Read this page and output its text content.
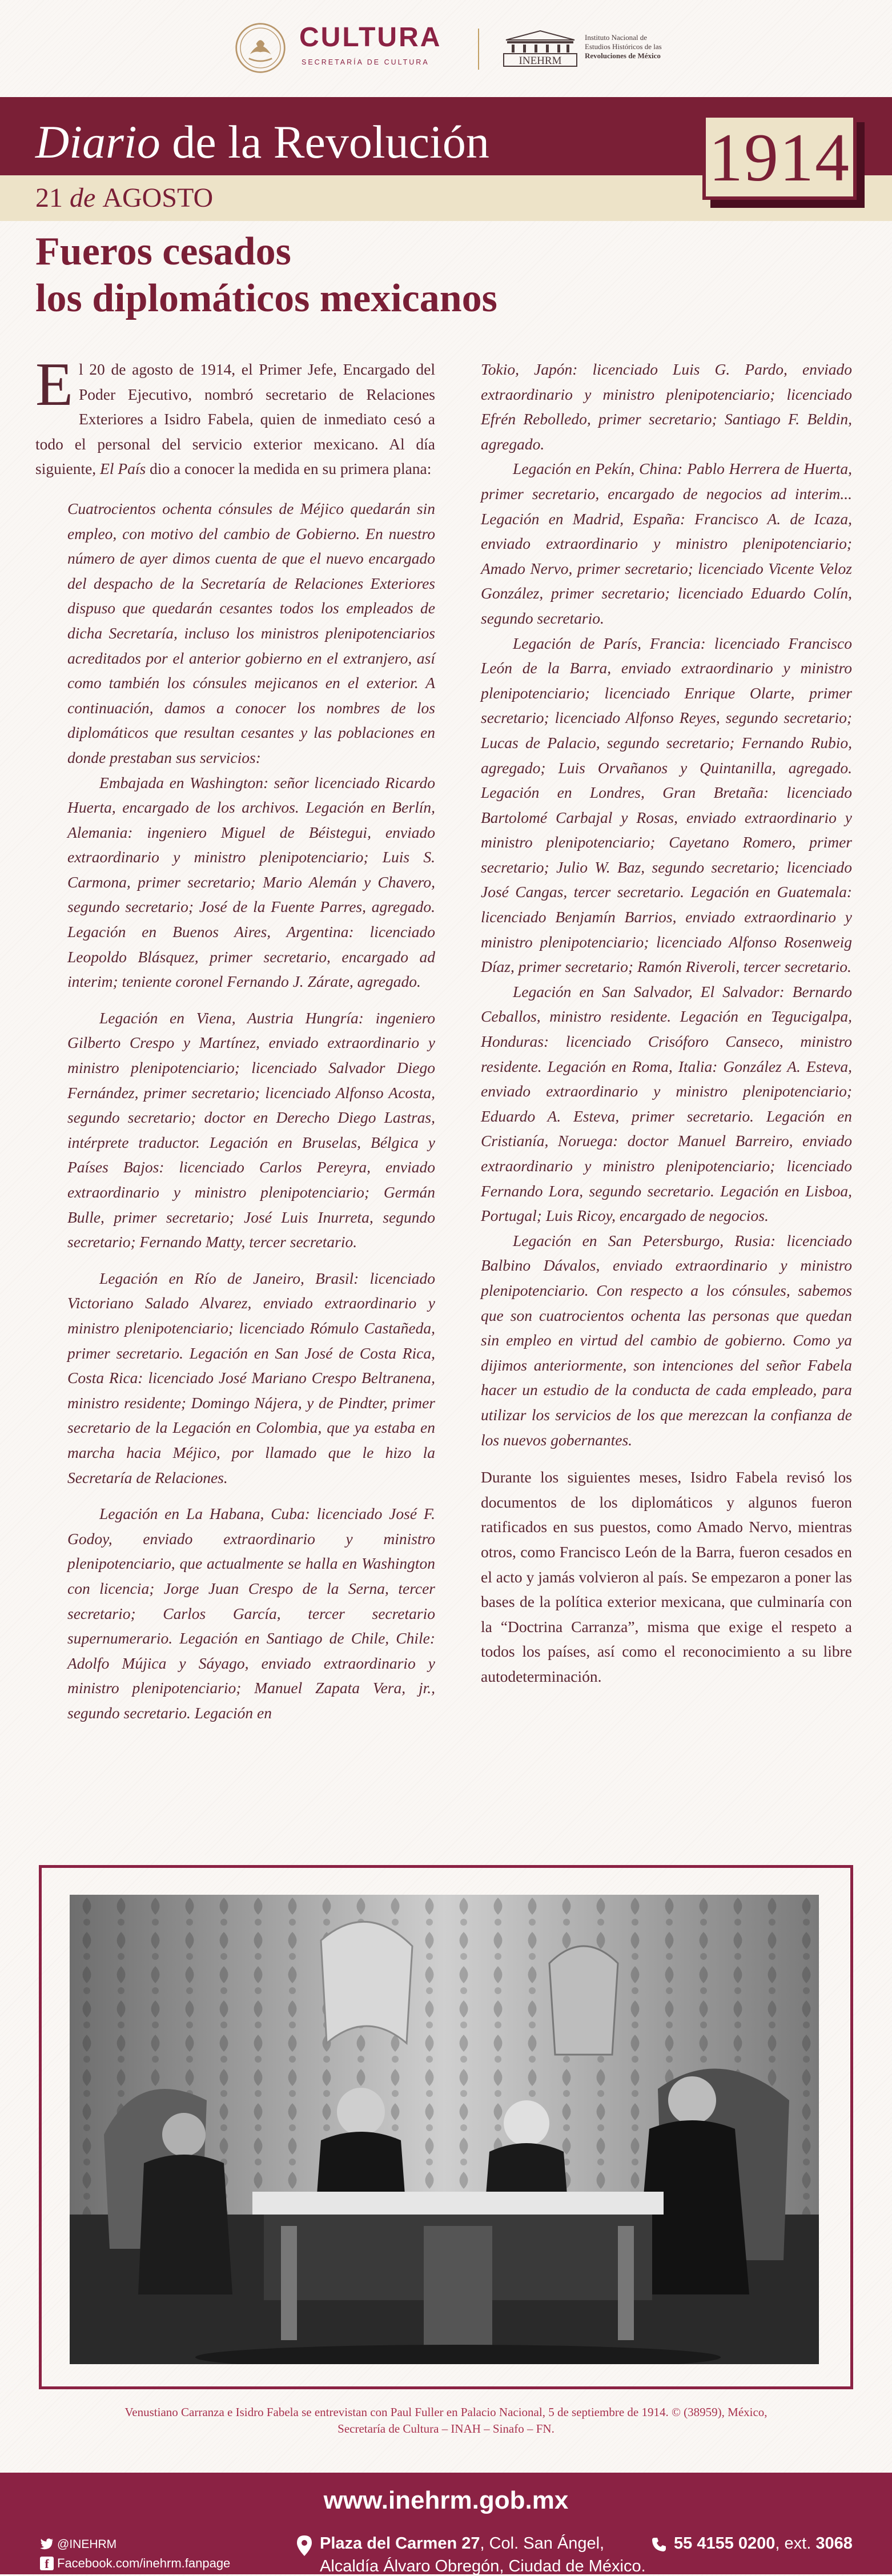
CULTURA
SECRETARÍA DE CULTURA	INEHRM
Instituto Nacional de
Estudios Históricos de las
Revoluciones de México
Diario de la Revolución
21 de AGOSTO
1914
Fueros cesados
los diplomáticos mexicanos

El 20 de agosto de 1914, el Primer Jefe, Encargado del Poder Ejecutivo, nombró secretario de Relaciones Exteriores a Isidro Fabela, quien de inmediato cesó a todo el personal del servicio exterior mexicano. Al día siguiente, El País dio a conocer la medida en su primera plana:

Cuatrocientos ochenta cónsules de Méjico quedarán sin empleo, con motivo del cambio de Gobierno. En nuestro número de ayer dimos cuenta de que el nuevo encargado del despacho de la Secretaría de Relaciones Exteriores dispuso que quedarán cesantes todos los empleados de dicha Secretaría, incluso los ministros plenipotenciarios acreditados por el anterior gobierno en el extranjero, así como también los cónsules mejicanos en el exterior. A continuación, damos a conocer los nombres de los diplomáticos que resultan cesantes y las poblaciones en donde prestaban sus servicios:

Embajada en Washington: señor licenciado Ricardo Huerta, encargado de los archivos. Legación en Berlín, Alemania: ingeniero Miguel de Béistegui, enviado extraordinario y ministro plenipotenciario; Luis S. Carmona, primer secretario; Mario Alemán y Chavero, segundo secretario; José de la Fuente Parres, agregado. Legación en Buenos Aires, Argentina: licenciado Leopoldo Blásquez, primer secretario, encargado ad interim; teniente coronel Fernando J. Zárate, agregado.

Legación en Viena, Austria Hungría: ingeniero Gilberto Crespo y Martínez, enviado extraordinario y ministro plenipotenciario; licenciado Salvador Diego Fernández, primer secretario; licenciado Alfonso Acosta, segundo secretario; doctor en Derecho Diego Lastras, intérprete traductor. Legación en Bruselas, Bélgica y Países Bajos: licenciado Carlos Pereyra, enviado extraordinario y ministro plenipotenciario; Germán Bulle, primer secretario; José Luis Inurreta, segundo secretario; Fernando Matty, tercer secretario.

Legación en Río de Janeiro, Brasil: licenciado Victoriano Salado Alvarez, enviado extraordinario y ministro plenipotenciario; licenciado Rómulo Castañeda, primer secretario. Legación en San José de Costa Rica, Costa Rica: licenciado José Mariano Crespo Beltranena, ministro residente; Domingo Nájera, y de Pindter, primer secretario de la Legación en Colombia, que ya estaba en marcha hacia Méjico, por llamado que le hizo la Secretaría de Relaciones.

Legación en La Habana, Cuba: licenciado José F. Godoy, enviado extraordinario y ministro plenipotenciario, que actualmente se halla en Washington con licencia; Jorge Juan Crespo de la Serna, tercer secretario; Carlos García, tercer secretario supernumerario. Legación en Santiago de Chile, Chile: Adolfo Mújica y Sáyago, enviado extraordinario y ministro plenipotenciario; Manuel Zapata Vera, jr., segundo secretario. Legación en

Tokio, Japón: licenciado Luis G. Pardo, enviado extraordinario y ministro plenipotenciario; licenciado Efrén Rebolledo, primer secretario; Santiago F. Beldin, agregado.

Legación en Pekín, China: Pablo Herrera de Huerta, primer secretario, encargado de negocios ad interim... Legación en Madrid, España: Francisco A. de Icaza, enviado extraordinario y ministro plenipotenciario; Amado Nervo, primer secretario; licenciado Vicente Veloz González, primer secretario; licenciado Eduardo Colín, segundo secretario.

Legación de París, Francia: licenciado Francisco León de la Barra, enviado extraordinario y ministro plenipotenciario; licenciado Enrique Olarte, primer secretario; licenciado Alfonso Reyes, segundo secretario; Lucas de Palacio, segundo secretario; Fernando Rubio, agregado; Luis Orvañanos y Quintanilla, agregado. Legación en Londres, Gran Bretaña: licenciado Bartolomé Carbajal y Rosas, enviado extraordinario y ministro plenipotenciario; Cayetano Romero, primer secretario; Julio W. Baz, segundo secretario; licenciado José Cangas, tercer secretario. Legación en Guatemala: licenciado Benjamín Barrios, enviado extraordinario y ministro plenipotenciario; licenciado Alfonso Rosenweig Díaz, primer secretario; Ramón Riveroli, tercer secretario.

Legación en San Salvador, El Salvador: Bernardo Ceballos, ministro residente. Legación en Tegucigalpa, Honduras: licenciado Crisóforo Canseco, ministro residente. Legación en Roma, Italia: González A. Esteva, enviado extraordinario y ministro plenipotenciario; Eduardo A. Esteva, primer secretario. Legación en Cristianía, Noruega: doctor Manuel Barreiro, enviado extraordinario y ministro plenipotenciario; licenciado Fernando Lora, segundo secretario. Legación en Lisboa, Portugal; Luis Ricoy, encargado de negocios.

Legación en San Petersburgo, Rusia: licenciado Balbino Dávalos, enviado extraordinario y ministro plenipotenciario. Con respecto a los cónsules, sabemos que son cuatrocientos ochenta las personas que quedan sin empleo en virtud del cambio de gobierno. Como ya dijimos anteriormente, son intenciones del señor Fabela hacer un estudio de la conducta de cada empleado, para utilizar los servicios de los que merezcan la confianza de los nuevos gobernantes.

Durante los siguientes meses, Isidro Fabela revisó los documentos de los diplomáticos y algunos fueron ratificados en sus puestos, como Amado Nervo, mientras otros, como Francisco León de la Barra, fueron cesados en el acto y jamás volvieron al país. Se empezaron a poner las bases de la política exterior mexicana, que culminaría con la “Doctrina Carranza”, misma que exige el respeto a todos los países, así como el reconocimiento a su libre autodeterminación.

Venustiano Carranza e Isidro Fabela se entrevistan con Paul Fuller en Palacio Nacional, 5 de septiembre de 1914. © (38959), México,
Secretaría de Cultura – INAH – Sinafo – FN.
www.inehrm.gob.mx
@INEHRM
f Facebook.com/inehrm.fanpage
Plaza del Carmen 27, Col. San Ángel,
Alcaldía Álvaro Obregón, Ciudad de México.
55 4155 0200, ext. 3068
